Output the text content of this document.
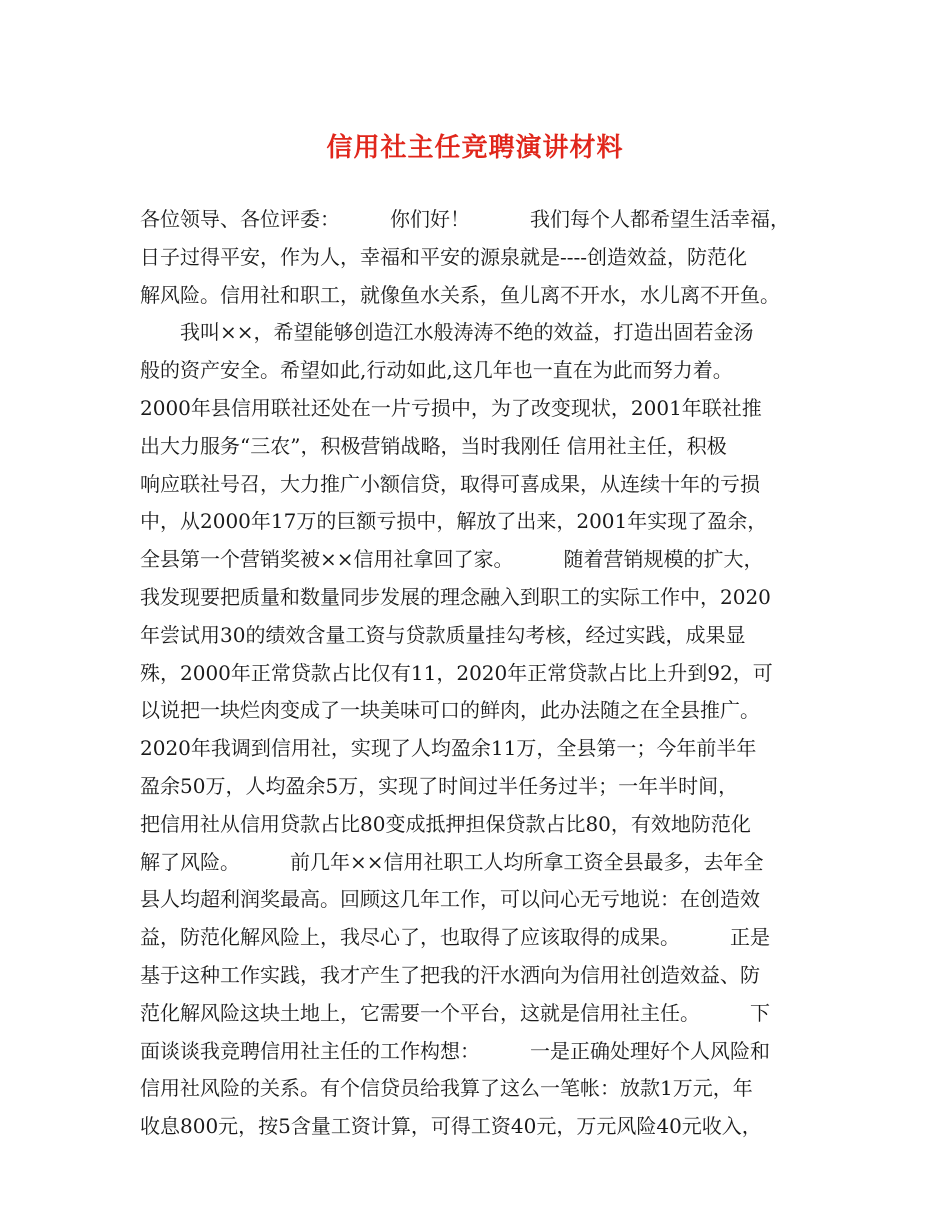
信用社主任竞聘演讲材料

各位领导、各位评委：　　　你们好！　　　我们每个人都希望生活幸福，

日子过得平安，作为人，幸福和平安的源泉就是----创造效益，防范化

解风险。信用社和职工，就像鱼水关系，鱼儿离不开水，水儿离不开鱼。

　　我叫××，希望能够创造江水般涛涛不绝的效益，打造出固若金汤

般的资产安全。希望如此,行动如此,这几年也一直在为此而努力着。

2000年县信用联社还处在一片亏损中，为了改变现状，2001年联社推

出大力服务“三农”，积极营销战略，当时我刚任 信用社主任，积极

响应联社号召，大力推广小额信贷，取得可喜成果，从连续十年的亏损

中，从2000年17万的巨额亏损中，解放了出来，2001年实现了盈余，

全县第一个营销奖被××信用社拿回了家。　　　随着营销规模的扩大，

我发现要把质量和数量同步发展的理念融入到职工的实际工作中，2020

年尝试用30的绩效含量工资与贷款质量挂勾考核，经过实践，成果显

殊，2000年正常贷款占比仅有11，2020年正常贷款占比上升到92，可

以说把一块烂肉变成了一块美味可口的鲜肉，此办法随之在全县推广。

2020年我调到信用社，实现了人均盈余11万，全县第一；今年前半年

盈余50万，人均盈余5万，实现了时间过半任务过半；一年半时间，

把信用社从信用贷款占比80变成抵押担保贷款占比80，有效地防范化

解了风险。　　　前几年××信用社职工人均所拿工资全县最多，去年全

县人均超利润奖最高。回顾这几年工作，可以问心无亏地说：在创造效

益，防范化解风险上，我尽心了，也取得了应该取得的成果。　　　正是

基于这种工作实践，我才产生了把我的汗水洒向为信用社创造效益、防

范化解风险这块土地上，它需要一个平台，这就是信用社主任。　　　下

面谈谈我竞聘信用社主任的工作构想：　　　一是正确处理好个人风险和

信用社风险的关系。有个信贷员给我算了这么一笔帐：放款1万元，年

收息800元，按5含量工资计算，可得工资40元，万元风险40元收入，
